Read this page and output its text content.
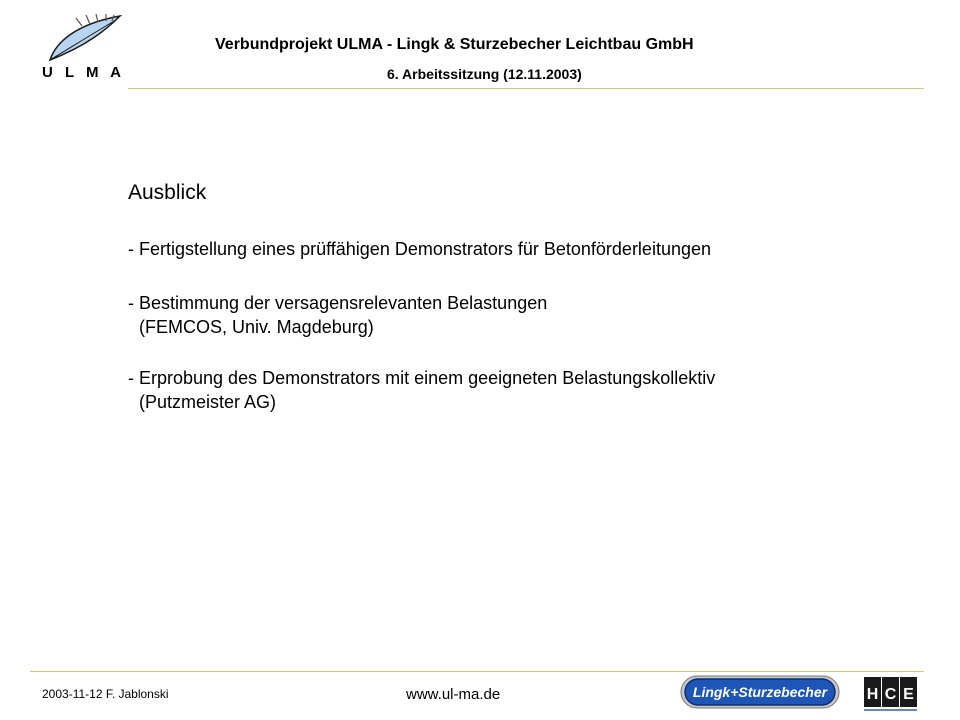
U L M A
Verbundprojekt ULMA - Lingk & Sturzebecher Leichtbau GmbH
6. Arbeitssitzung (12.11.2003)
Ausblick
- Fertigstellung eines prüffähigen Demonstrators für Betonförderleitungen
- Bestimmung der versagensrelevanten Belastungen
(FEMCOS, Univ. Magdeburg)
- Erprobung des Demonstrators mit einem geeigneten Belastungskollektiv
(Putzmeister AG)
2003-11-12 F. Jablonski	www.ul-ma.de	Lingk+Sturzebecher H C E
